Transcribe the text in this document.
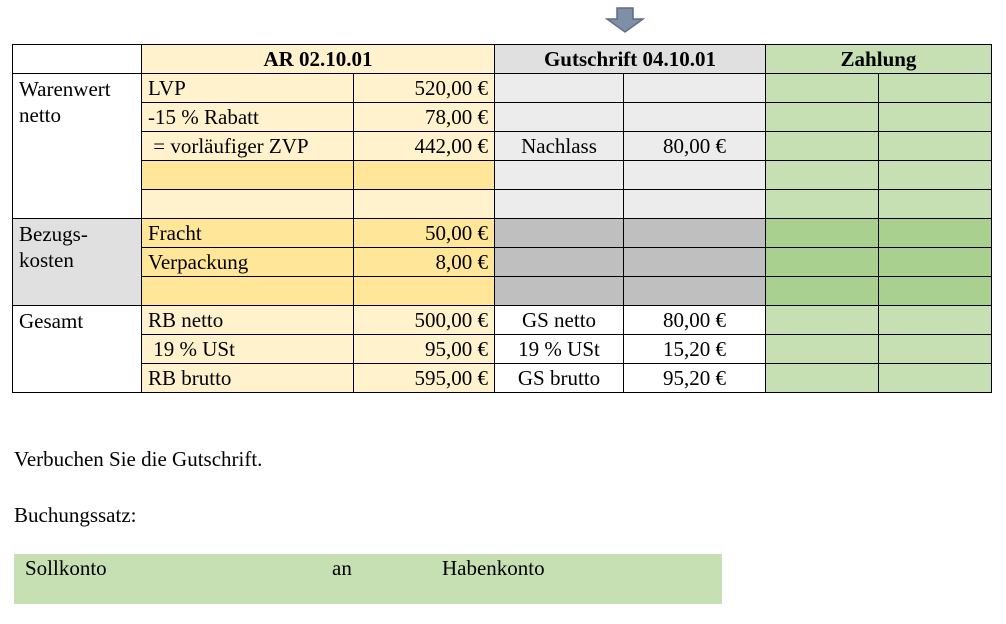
	AR 02.10.01		Gutschrift 04.10.01		Zahlung	
Warenwert netto	LVP	520,00 €				
	-15 % Rabatt	78,00 €				
	= vorläufiger ZVP	442,00 €	Nachlass	80,00 €		

Bezugs- kosten	Fracht	50,00 €				
	Verpackung	8,00 €				

Gesamt	RB netto	500,00 €	GS netto	80,00 €		
	19 % USt	95,00 €	19 % USt	15,20 €		
	RB brutto	595,00 €	GS brutto	95,20 €		
Verbuchen Sie die Gutschrift.
Buchungssatz:
Sollkonto	an	Habenkonto
